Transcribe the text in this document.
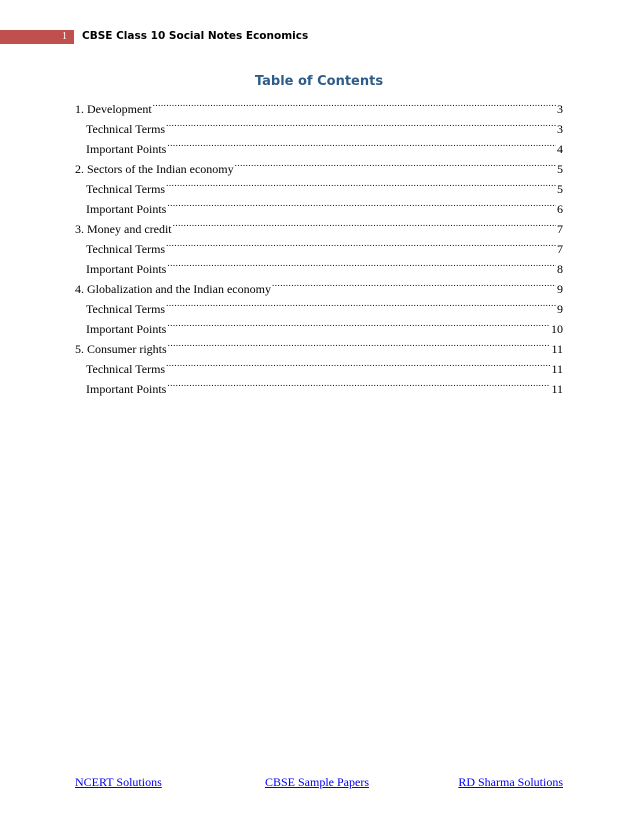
1 CBSE Class 10 Social Notes Economics
Table of Contents
1. Development .....	3
Technical Terms .....	3
Important Points .....	4
2. Sectors of the Indian economy .....	5
Technical Terms .....	5
Important Points .....	6
3. Money and credit .....	7
Technical Terms .....	7
Important Points .....	8
4. Globalization and the Indian economy .....	9
Technical Terms .....	9
Important Points .....	10
5. Consumer rights .....	11
Technical Terms .....	11
Important Points .....	11
NCERT Solutions	CBSE Sample Papers	RD Sharma Solutions
